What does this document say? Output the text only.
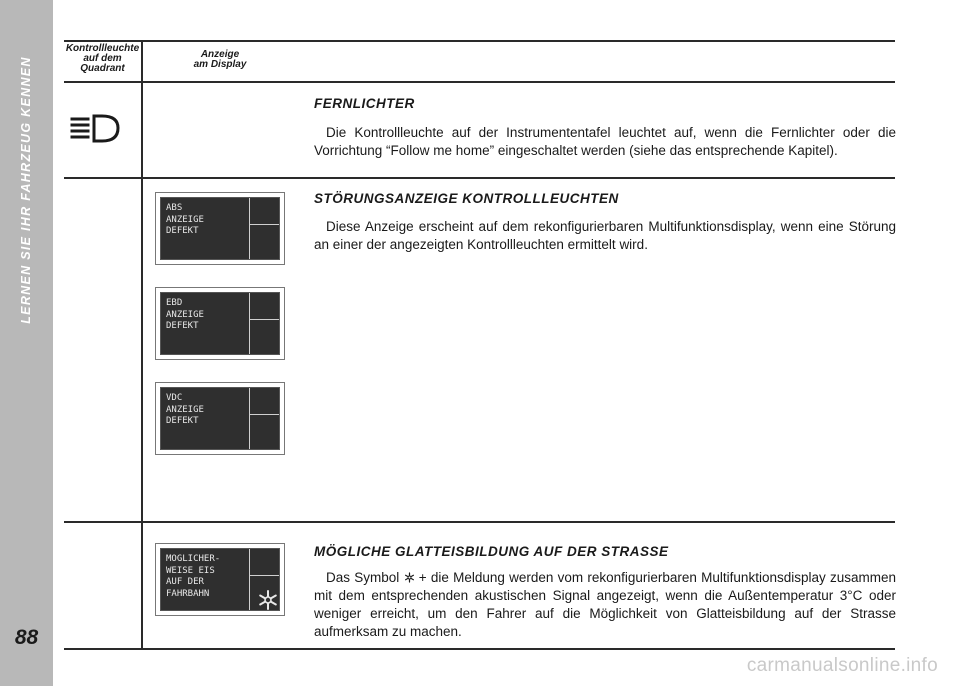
LERNEN SIE IHR FAHRZEUG KENNEN
88
Kontrollleuchte
auf dem
Quadrant
Anzeige
am Display
FERNLICHTER
Die Kontrollleuchte auf der Instrumententafel leuchtet auf, wenn die Fernlichter oder die Vorrichtung “Follow me home” eingeschaltet werden (siehe das entsprechende Kapitel).
STÖRUNGSANZEIGE KONTROLLLEUCHTEN
Diese Anzeige erscheint auf dem rekonfigurierbaren Multifunktionsdisplay, wenn eine Störung an einer der angezeigten Kontrollleuchten ermittelt wird.
ABS
ANZEIGE
DEFEKT
EBD
ANZEIGE
DEFEKT
VDC
ANZEIGE
DEFEKT
MOGLICHER-
WEISE EIS
AUF DER
FAHRBAHN
MÖGLICHE GLATTEISBILDUNG AUF DER STRASSE
Das Symbol  + die Meldung werden vom rekonfigurierbaren Multifunktionsdisplay zusammen mit dem entsprechenden akustischen Signal angezeigt, wenn die Außentemperatur 3°C oder weniger erreicht, um den Fahrer auf die Möglichkeit von Glatteisbildung auf der Strasse aufmerksam zu machen.
carmanualsonline.info
